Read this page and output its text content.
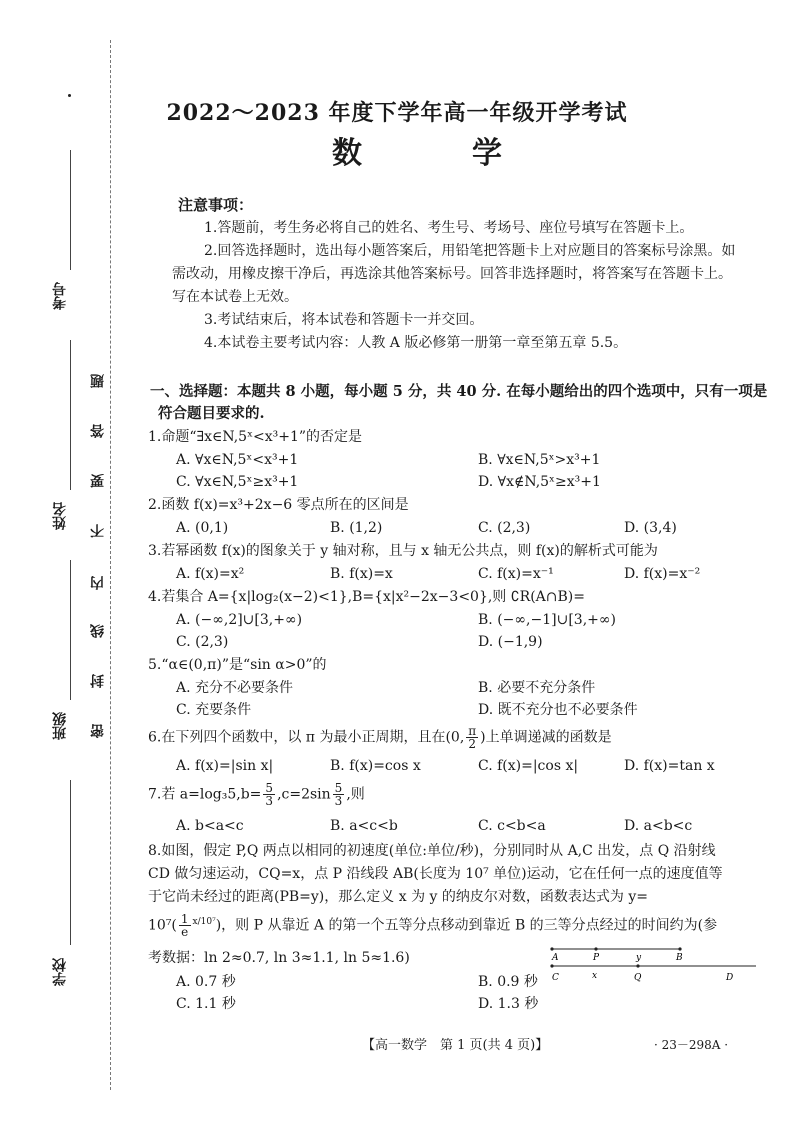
考号
姓名
班级
学校
题
答
要
不
内
线
封
密
2022～2023 年度下学年高一年级开学考试
数　学
注意事项：

1.答题前，考生务必将自己的姓名、考生号、考场号、座位号填写在答题卡上。

2.回答选择题时，选出每小题答案后，用铅笔把答题卡上对应题目的答案标号涂黑。如需改动，用橡皮擦干净后，再选涂其他答案标号。回答非选择题时，将答案写在答题卡上。写在本试卷上无效。

3.考试结束后，将本试卷和答题卡一并交回。

4.本试卷主要考试内容：人教 A 版必修第一册第一章至第五章 5.5。

一、选择题：本题共 8 小题，每小题 5 分，共 40 分. 在每小题给出的四个选项中，只有一项是符合题目要求的.
1.命题“∃x∈N,5ˣ<x³+1”的否定是
A. ∀x∈N,5ˣ<x³+1	B. ∀x∈N,5ˣ>x³+1
C. ∀x∈N,5ˣ≥x³+1	D. ∀x∉N,5ˣ≥x³+1
2.函数 f(x)=x³+2x−6 零点所在的区间是
A. (0,1)	B. (1,2)	C. (2,3)	D. (3,4)
3.若幂函数 f(x)的图象关于 y 轴对称，且与 x 轴无公共点，则 f(x)的解析式可能为
A. f(x)=x²	B. f(x)=x	C. f(x)=x⁻¹	D. f(x)=x⁻²
4.若集合 A={x|log₂(x−2)<1},B={x|x²−2x−3<0},则 ∁R(A∩B)=
A. (−∞,2]∪[3,+∞)	B. (−∞,−1]∪[3,+∞)
C. (2,3)	D. (−1,9)
5.“α∈(0,π)”是“sin α>0”的
A. 充分不必要条件	B. 必要不充分条件
C. 充要条件	D. 既不充分也不必要条件
6.在下列四个函数中，以 π 为最小正周期，且在(0, $\frac{\pi}{2}$ )上单调递减的函数是
A. f(x)=|sin x|	B. f(x)=cos x	C. f(x)=|cos x|	D. f(x)=tan x
7.若 $a=\log_35,b= \frac{5}{3} ,c=2\sin \frac{5}{3}$ ,则
A. b<a<c	B. a<c<b	C. c<b<a	D. a<b<c
8.如图，假定 P,Q 两点以相同的初速度(单位:单位/秒)，分别同时从 A,C 出发，点 Q 沿射线
CD 做匀速运动，CQ=x，点 P 沿线段 AB(长度为 10⁷ 单位)运动，它在任何一点的速度值等
于它尚未经过的距离(PB=y)，那么定义 x 为 y 的纳皮尔对数，函数表达式为 y=
$10^7( \frac{1}{e} ^{x/10^7})$，则 P 从靠近 A 的第一个五等分点移动到靠近 B 的三等分点经过的时间约为(参
考数据：ln 2≈0.7, ln 3≈1.1, ln 5≈1.6)
A. 0.7 秒	B. 0.9 秒
C. 1.1 秒	D. 1.3 秒
A	P	y	B
C	x	Q	D
【高一数学　第 1 页(共 4 页)】	· 23－298A ·
